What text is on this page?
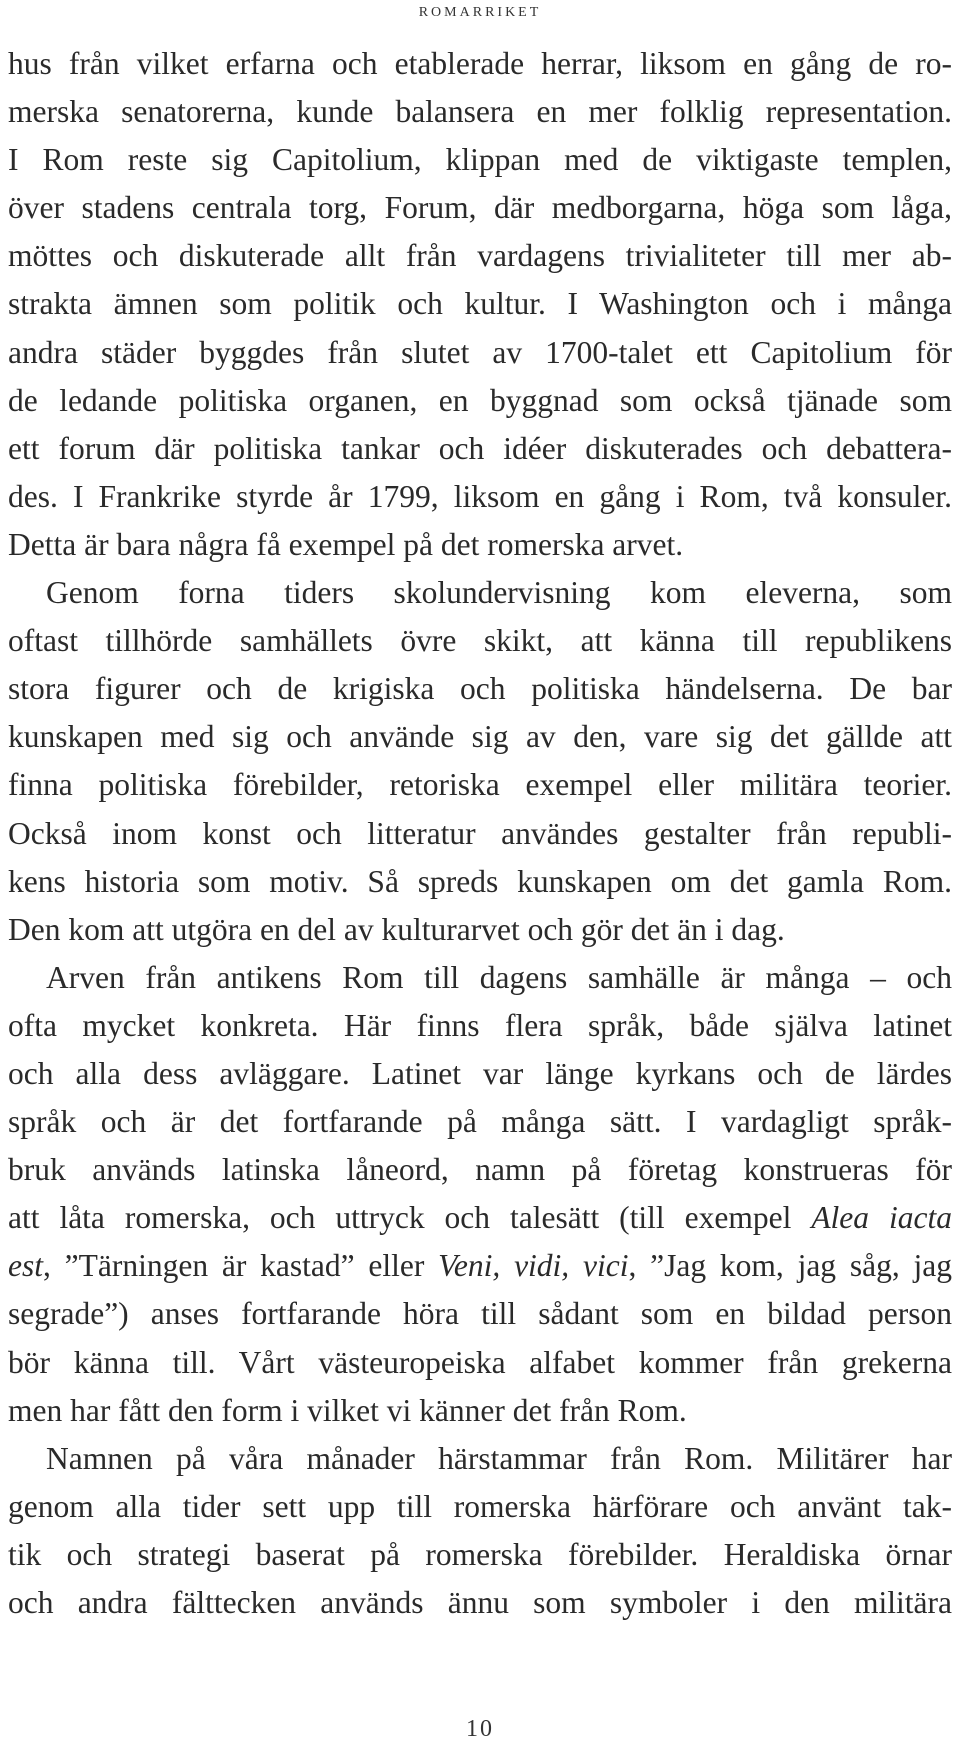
romarriket
hus från vilket erfarna och etablerade herrar, liksom en gång de ro-
merska senatorerna, kunde balansera en mer folklig representation.
I Rom reste sig Capitolium, klippan med de viktigaste templen,
över stadens centrala torg, Forum, där medborgarna, höga som låga,
möttes och diskuterade allt från vardagens trivialiteter till mer ab-
strakta ämnen som politik och kultur. I Washington och i många
andra städer byggdes från slutet av 1700-talet ett Capitolium för
de ledande politiska organen, en byggnad som också tjänade som
ett forum där politiska tankar och idéer diskuterades och debattera-
des. I Frankrike styrde år 1799, liksom en gång i Rom, två konsuler.
Detta är bara några få exempel på det romerska arvet.
Genom forna tiders skolundervisning kom eleverna, som
oftast tillhörde samhällets övre skikt, att känna till republikens
stora figurer och de krigiska och politiska händelserna. De bar
kunskapen med sig och använde sig av den, vare sig det gällde att
finna politiska förebilder, retoriska exempel eller militära teorier.
Också inom konst och litteratur användes gestalter från republi-
kens historia som motiv. Så spreds kunskapen om det gamla Rom.
Den kom att utgöra en del av kulturarvet och gör det än i dag.
Arven från antikens Rom till dagens samhälle är många – och
ofta mycket konkreta. Här finns flera språk, både själva latinet
och alla dess avläggare. Latinet var länge kyrkans och de lärdes
språk och är det fortfarande på många sätt. I vardagligt språk-
bruk används latinska låneord, namn på företag konstrueras för
att låta romerska, och uttryck och talesätt (till exempel Alea iacta
est, ”Tärningen är kastad” eller Veni, vidi, vici, ”Jag kom, jag såg, jag
segrade”) anses fortfarande höra till sådant som en bildad person
bör känna till. Vårt västeuropeiska alfabet kommer från grekerna
men har fått den form i vilket vi känner det från Rom.
Namnen på våra månader härstammar från Rom. Militärer har
genom alla tider sett upp till romerska härförare och använt tak-
tik och strategi baserat på romerska förebilder. Heraldiska örnar
och andra fälttecken används ännu som symboler i den militära
10
